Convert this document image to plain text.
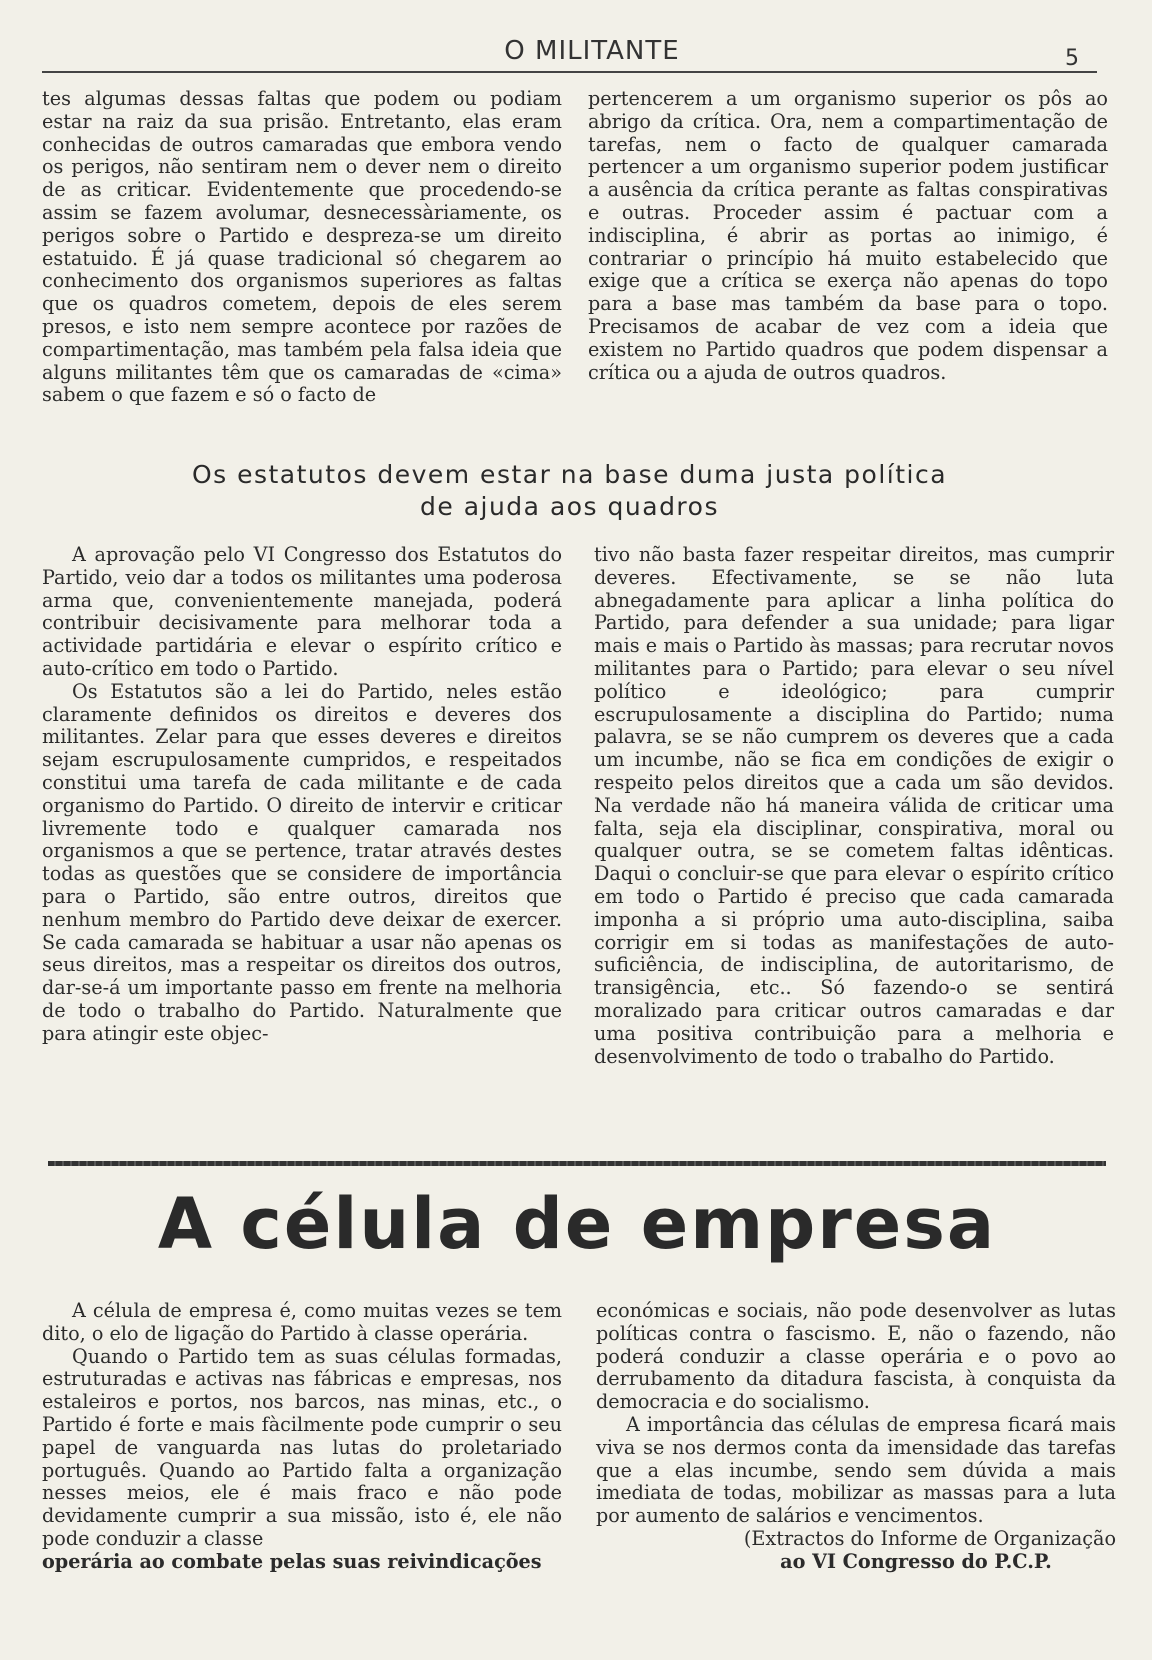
O MILITANTE	5

tes algumas dessas faltas que podem ou podiam estar na raiz da sua prisão. Entretanto, elas eram conhecidas de outros camaradas que embora vendo os perigos, não sentiram nem o dever nem o direito de as criticar. Evidentemente que procedendo-se assim se fazem avolumar, desnecessàriamente, os perigos sobre o Partido e despreza-se um direito estatuido. É já quase tradicional só chegarem ao conhecimento dos organismos superiores as faltas que os quadros cometem, depois de eles serem presos, e isto nem sempre acontece por razões de compartimentação, mas também pela falsa ideia que alguns militantes têm que os camaradas de «cima» sabem o que fazem e só o facto de

pertencerem a um organismo superior os pôs ao abrigo da crítica. Ora, nem a compartimentação de tarefas, nem o facto de qualquer camarada pertencer a um organismo superior podem justificar a ausência da crítica perante as faltas conspirativas e outras. Proceder assim é pactuar com a indisciplina, é abrir as portas ao inimigo, é contrariar o princípio há muito estabelecido que exige que a crítica se exerça não apenas do topo para a base mas também da base para o topo. Precisamos de acabar de vez com a ideia que existem no Partido quadros que podem dispensar a crítica ou a ajuda de outros quadros.

Os estatutos devem estar na base duma justa política
de ajuda aos quadros

A aprovação pelo VI Congresso dos Estatutos do Partido, veio dar a todos os militantes uma poderosa arma que, convenientemente manejada, poderá contribuir decisivamente para melhorar toda a actividade partidária e elevar o espírito crítico e auto-crítico em todo o Partido.

Os Estatutos são a lei do Partido, neles estão claramente definidos os direitos e deveres dos militantes. Zelar para que esses deveres e direitos sejam escrupulosamente cumpridos, e respeitados constitui uma tarefa de cada militante e de cada organismo do Partido. O direito de intervir e criticar livremente todo e qualquer camarada nos organismos a que se pertence, tratar através destes todas as questões que se considere de importância para o Partido, são entre outros, direitos que nenhum membro do Partido deve deixar de exercer. Se cada camarada se habituar a usar não apenas os seus direitos, mas a respeitar os direitos dos outros, dar-se-á um importante passo em frente na melhoria de todo o trabalho do Partido. Naturalmente que para atingir este objec-

tivo não basta fazer respeitar direitos, mas cumprir deveres. Efectivamente, se se não luta abnegadamente para aplicar a linha política do Partido, para defender a sua unidade; para ligar mais e mais o Partido às massas; para recrutar novos militantes para o Partido; para elevar o seu nível político e ideológico; para cumprir escrupulosamente a disciplina do Partido; numa palavra, se se não cumprem os deveres que a cada um incumbe, não se fica em condições de exigir o respeito pelos direitos que a cada um são devidos. Na verdade não há maneira válida de criticar uma falta, seja ela disciplinar, conspirativa, moral ou qualquer outra, se se cometem faltas idênticas. Daqui o concluir-se que para elevar o espírito crítico em todo o Partido é preciso que cada camarada imponha a si próprio uma auto-disciplina, saiba corrigir em si todas as manifestações de auto-suficiência, de indisciplina, de autoritarismo, de transigência, etc.. Só fazendo-o se sentirá moralizado para criticar outros camaradas e dar uma positiva contribuição para a melhoria e desenvolvimento de todo o trabalho do Partido.

A célula de empresa

A célula de empresa é, como muitas vezes se tem dito, o elo de ligação do Partido à classe operária.

Quando o Partido tem as suas células formadas, estruturadas e activas nas fábricas e empresas, nos estaleiros e portos, nos barcos, nas minas, etc., o Partido é forte e mais fàcilmente pode cumprir o seu papel de vanguarda nas lutas do proletariado português. Quando ao Partido falta a organização nesses meios, ele é mais fraco e não pode devidamente cumprir a sua missão, isto é, ele não pode conduzir a classe

operária ao combate pelas suas reivindicações

económicas e sociais, não pode desenvolver as lutas políticas contra o fascismo. E, não o fazendo, não poderá conduzir a classe operária e o povo ao derrubamento da ditadura fascista, à conquista da democracia e do socialismo.

A importância das células de empresa ficará mais viva se nos dermos conta da imensidade das tarefas que a elas incumbe, sendo sem dúvida a mais imediata de todas, mobilizar as massas para a luta por aumento de salários e vencimentos.

(Extractos do Informe de Organização

ao VI Congresso do P.C.P.
